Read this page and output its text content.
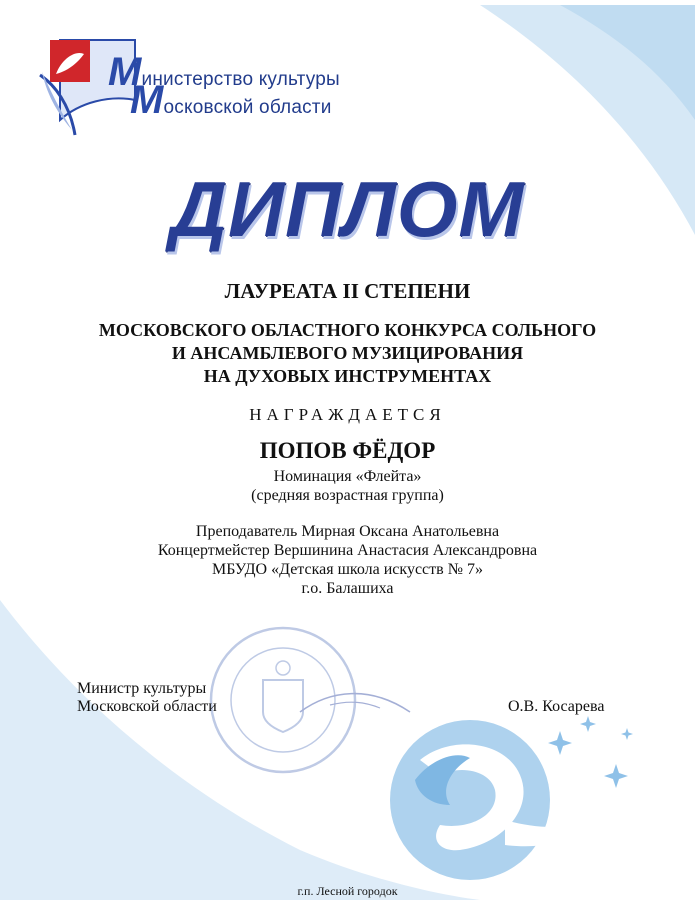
Министерство культуры
Московской области
ДИПЛОМ
ЛАУРЕАТА II СТЕПЕНИ
МОСКОВСКОГО ОБЛАСТНОГО КОНКУРСА СОЛЬНОГО
И АНСАМБЛЕВОГО МУЗИЦИРОВАНИЯ
НА ДУХОВЫХ ИНСТРУМЕНТАХ
НАГРАЖДАЕТСЯ
ПОПОВ ФЁДОР
Номинация «Флейта»
(средняя возрастная группа)
Преподаватель Мирная Оксана Анатольевна
Концертмейстер Вершинина Анастасия Александровна
МБУДО «Детская школа искусств № 7»
г.о. Балашиха
Министр культуры
Московской области	О.В. Косарева
г.п. Лесной городок
